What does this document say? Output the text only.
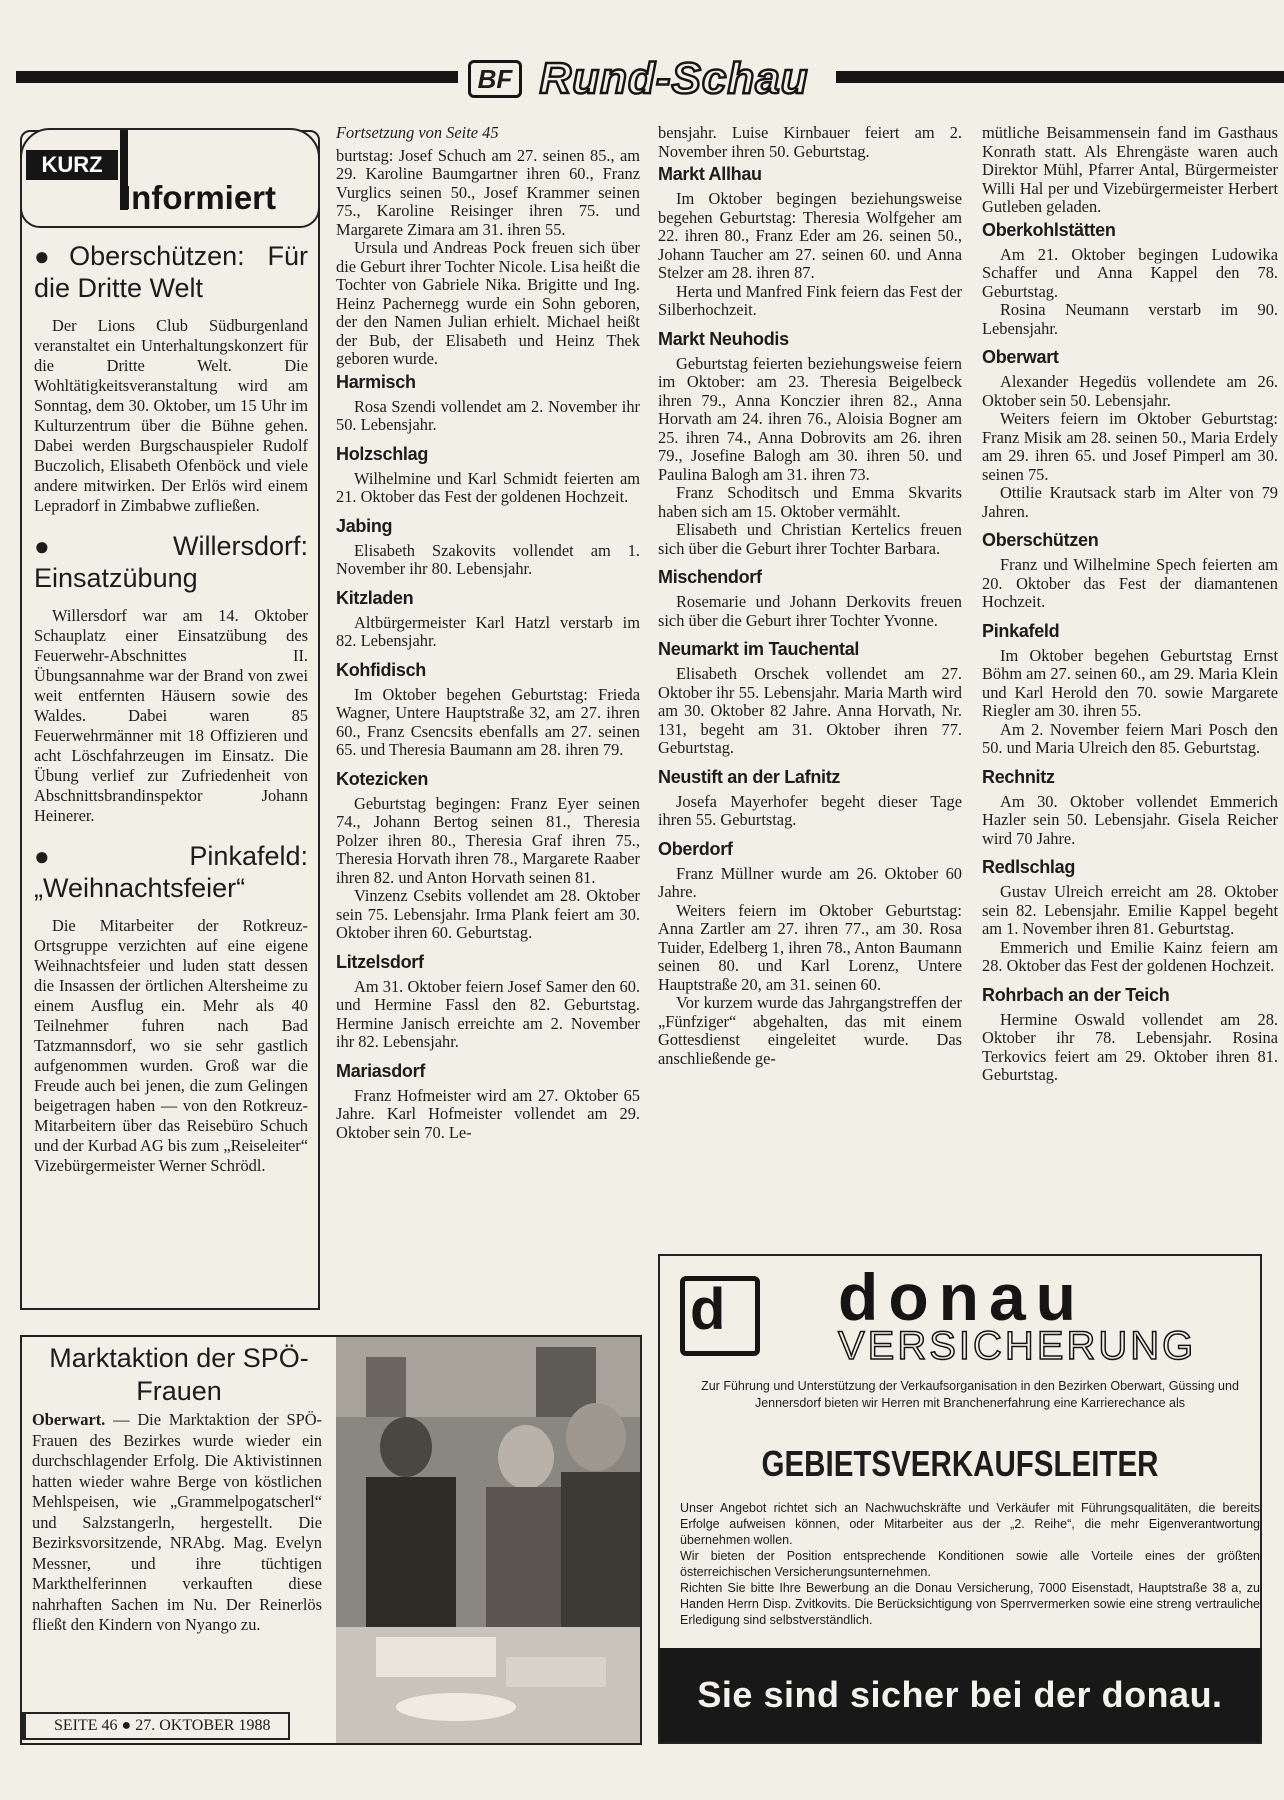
BF Rund-Schau
KURZ
Informiert
● Oberschützen: Für die Dritte Welt

Der Lions Club Südburgenland veranstaltet ein Unterhaltungskonzert für die Dritte Welt. Die Wohltätigkeitsveranstaltung wird am Sonntag, dem 30. Oktober, um 15 Uhr im Kulturzentrum über die Bühne gehen. Dabei werden Burgschauspieler Rudolf Buczolich, Elisabeth Ofenböck und viele andere mitwirken. Der Erlös wird einem Lepradorf in Zimbabwe zufließen.

● Willersdorf: Einsatzübung

Willersdorf war am 14. Oktober Schauplatz einer Einsatzübung des Feuerwehr-Abschnittes II. Übungsannahme war der Brand von zwei weit entfernten Häusern sowie des Waldes. Dabei waren 85 Feuerwehrmänner mit 18 Offizieren und acht Löschfahrzeugen im Einsatz. Die Übung verlief zur Zufriedenheit von Abschnittsbrandinspektor Johann Heinerer.

● Pinkafeld: „Weihnachtsfeier“

Die Mitarbeiter der Rotkreuz-Ortsgruppe verzichten auf eine eigene Weihnachtsfeier und luden statt dessen die Insassen der örtlichen Altersheime zu einem Ausflug ein. Mehr als 40 Teilnehmer fuhren nach Bad Tatzmannsdorf, wo sie sehr gastlich aufgenommen wurden. Groß war die Freude auch bei jenen, die zum Gelingen beigetragen haben — von den Rotkreuz-Mitarbeitern über das Reisebüro Schuch und der Kurbad AG bis zum „Reiseleiter“ Vizebürgermeister Werner Schrödl.

Fortsetzung von Seite 45

burtstag: Josef Schuch am 27. seinen 85., am 29. Karoline Baumgartner ihren 60., Franz Vurglics seinen 50., Josef Krammer seinen 75., Karoline Reisinger ihren 75. und Margarete Zimara am 31. ihren 55.

Ursula und Andreas Pock freuen sich über die Geburt ihrer Tochter Nicole. Lisa heißt die Tochter von Gabriele Nika. Brigitte und Ing. Heinz Pachernegg wurde ein Sohn geboren, der den Namen Julian erhielt. Michael heißt der Bub, der Elisabeth und Heinz Thek geboren wurde.

Harmisch

Rosa Szendi vollendet am 2. November ihr 50. Lebensjahr.

Holzschlag

Wilhelmine und Karl Schmidt feierten am 21. Oktober das Fest der goldenen Hochzeit.

Jabing

Elisabeth Szakovits vollendet am 1. November ihr 80. Lebensjahr.

Kitzladen

Altbürgermeister Karl Hatzl verstarb im 82. Lebensjahr.

Kohfidisch

Im Oktober begehen Geburtstag: Frieda Wagner, Untere Hauptstraße 32, am 27. ihren 60., Franz Csencsits ebenfalls am 27. seinen 65. und Theresia Baumann am 28. ihren 79.

Kotezicken

Geburtstag begingen: Franz Eyer seinen 74., Johann Bertog seinen 81., Theresia Polzer ihren 80., Theresia Graf ihren 75., Theresia Horvath ihren 78., Margarete Raaber ihren 82. und Anton Horvath seinen 81.

Vinzenz Csebits vollendet am 28. Oktober sein 75. Lebensjahr. Irma Plank feiert am 30. Oktober ihren 60. Geburtstag.

Litzelsdorf

Am 31. Oktober feiern Josef Samer den 60. und Hermine Fassl den 82. Geburtstag. Hermine Janisch erreichte am 2. November ihr 82. Lebensjahr.

Mariasdorf

Franz Hofmeister wird am 27. Oktober 65 Jahre. Karl Hofmeister vollendet am 29. Oktober sein 70. Le-

bensjahr. Luise Kirnbauer feiert am 2. November ihren 50. Geburtstag.

Markt Allhau

Im Oktober begingen beziehungsweise begehen Geburtstag: Theresia Wolfgeher am 22. ihren 80., Franz Eder am 26. seinen 50., Johann Taucher am 27. seinen 60. und Anna Stelzer am 28. ihren 87.

Herta und Manfred Fink feiern das Fest der Silberhochzeit.

Markt Neuhodis

Geburtstag feierten beziehungsweise feiern im Oktober: am 23. Theresia Beigelbeck ihren 79., Anna Konczier ihren 82., Anna Horvath am 24. ihren 76., Aloisia Bogner am 25. ihren 74., Anna Dobrovits am 26. ihren 79., Josefine Balogh am 30. ihren 50. und Paulina Balogh am 31. ihren 73.

Franz Schoditsch und Emma Skvarits haben sich am 15. Oktober vermählt.

Elisabeth und Christian Kertelics freuen sich über die Geburt ihrer Tochter Barbara.

Mischendorf

Rosemarie und Johann Derkovits freuen sich über die Geburt ihrer Tochter Yvonne.

Neumarkt im Tauchental

Elisabeth Orschek vollendet am 27. Oktober ihr 55. Lebensjahr. Maria Marth wird am 30. Oktober 82 Jahre. Anna Horvath, Nr. 131, begeht am 31. Oktober ihren 77. Geburtstag.

Neustift an der Lafnitz

Josefa Mayerhofer begeht dieser Tage ihren 55. Geburtstag.

Oberdorf

Franz Müllner wurde am 26. Oktober 60 Jahre.

Weiters feiern im Oktober Geburtstag: Anna Zartler am 27. ihren 77., am 30. Rosa Tuider, Edelberg 1, ihren 78., Anton Baumann seinen 80. und Karl Lorenz, Untere Hauptstraße 20, am 31. seinen 60.

Vor kurzem wurde das Jahrgangstreffen der „Fünfziger“ abgehalten, das mit einem Gottesdienst eingeleitet wurde. Das anschließende ge-

mütliche Beisammensein fand im Gasthaus Konrath statt. Als Ehrengäste waren auch Direktor Mühl, Pfarrer Antal, Bürgermeister Willi Hal per und Vizebürgermeister Herbert Gutleben geladen.

Oberkohlstätten

Am 21. Oktober begingen Ludowika Schaffer und Anna Kappel den 78. Geburtstag.

Rosina Neumann verstarb im 90. Lebensjahr.

Oberwart

Alexander Hegedüs vollendete am 26. Oktober sein 50. Lebensjahr.

Weiters feiern im Oktober Geburtstag: Franz Misik am 28. seinen 50., Maria Erdely am 29. ihren 65. und Josef Pimperl am 30. seinen 75.

Ottilie Krautsack starb im Alter von 79 Jahren.

Oberschützen

Franz und Wilhelmine Spech feierten am 20. Oktober das Fest der diamantenen Hochzeit.

Pinkafeld

Im Oktober begehen Geburtstag Ernst Böhm am 27. seinen 60., am 29. Maria Klein und Karl Herold den 70. sowie Margarete Riegler am 30. ihren 55.

Am 2. November feiern Mari Posch den 50. und Maria Ulreich den 85. Geburtstag.

Rechnitz

Am 30. Oktober vollendet Emmerich Hazler sein 50. Lebensjahr. Gisela Reicher wird 70 Jahre.

Redlschlag

Gustav Ulreich erreicht am 28. Oktober sein 82. Lebensjahr. Emilie Kappel begeht am 1. November ihren 81. Geburtstag.

Emmerich und Emilie Kainz feiern am 28. Oktober das Fest der goldenen Hochzeit.

Rohrbach an der Teich

Hermine Oswald vollendet am 28. Oktober ihr 78. Lebensjahr. Rosina Terkovics feiert am 29. Oktober ihren 81. Geburtstag.

Marktaktion der SPÖ-Frauen
Oberwart. — Die Marktaktion der SPÖ-Frauen des Bezirkes wurde wieder ein durchschlagender Erfolg. Die Aktivistinnen hatten wieder wahre Berge von köstlichen Mehlspeisen, wie „Grammelpogatscherl“ und Salzstangerln, hergestellt. Die Bezirksvorsitzende, NRAbg. Mag. Evelyn Messner, und ihre tüchtigen Markthelferinnen verkauften diese nahrhaften Sachen im Nu. Der Reinerlös fließt den Kindern von Nyango zu.
SEITE 46 ● 27. OKTOBER 1988
d donau
VERSICHERUNG
Zur Führung und Unterstützung der Verkaufsorganisation in den Bezirken Oberwart, Güssing und Jennersdorf bieten wir Herren mit Branchenerfahrung eine Karrierechance als
GEBIETSVERKAUFSLEITER
Unser Angebot richtet sich an Nachwuchskräfte und Verkäufer mit Führungsqualitäten, die bereits Erfolge aufweisen können, oder Mitarbeiter aus der „2. Reihe“, die mehr Eigenverantwortung übernehmen wollen.
Wir bieten der Position entsprechende Konditionen sowie alle Vorteile eines der größten österreichischen Versicherungsunternehmen.
Richten Sie bitte Ihre Bewerbung an die Donau Versicherung, 7000 Eisenstadt, Hauptstraße 38 a, zu Handen Herrn Disp. Zvitkovits. Die Berücksichtigung von Sperrvermerken sowie eine streng vertrauliche Erledigung sind selbstverständlich.
Sie sind sicher bei der donau.
